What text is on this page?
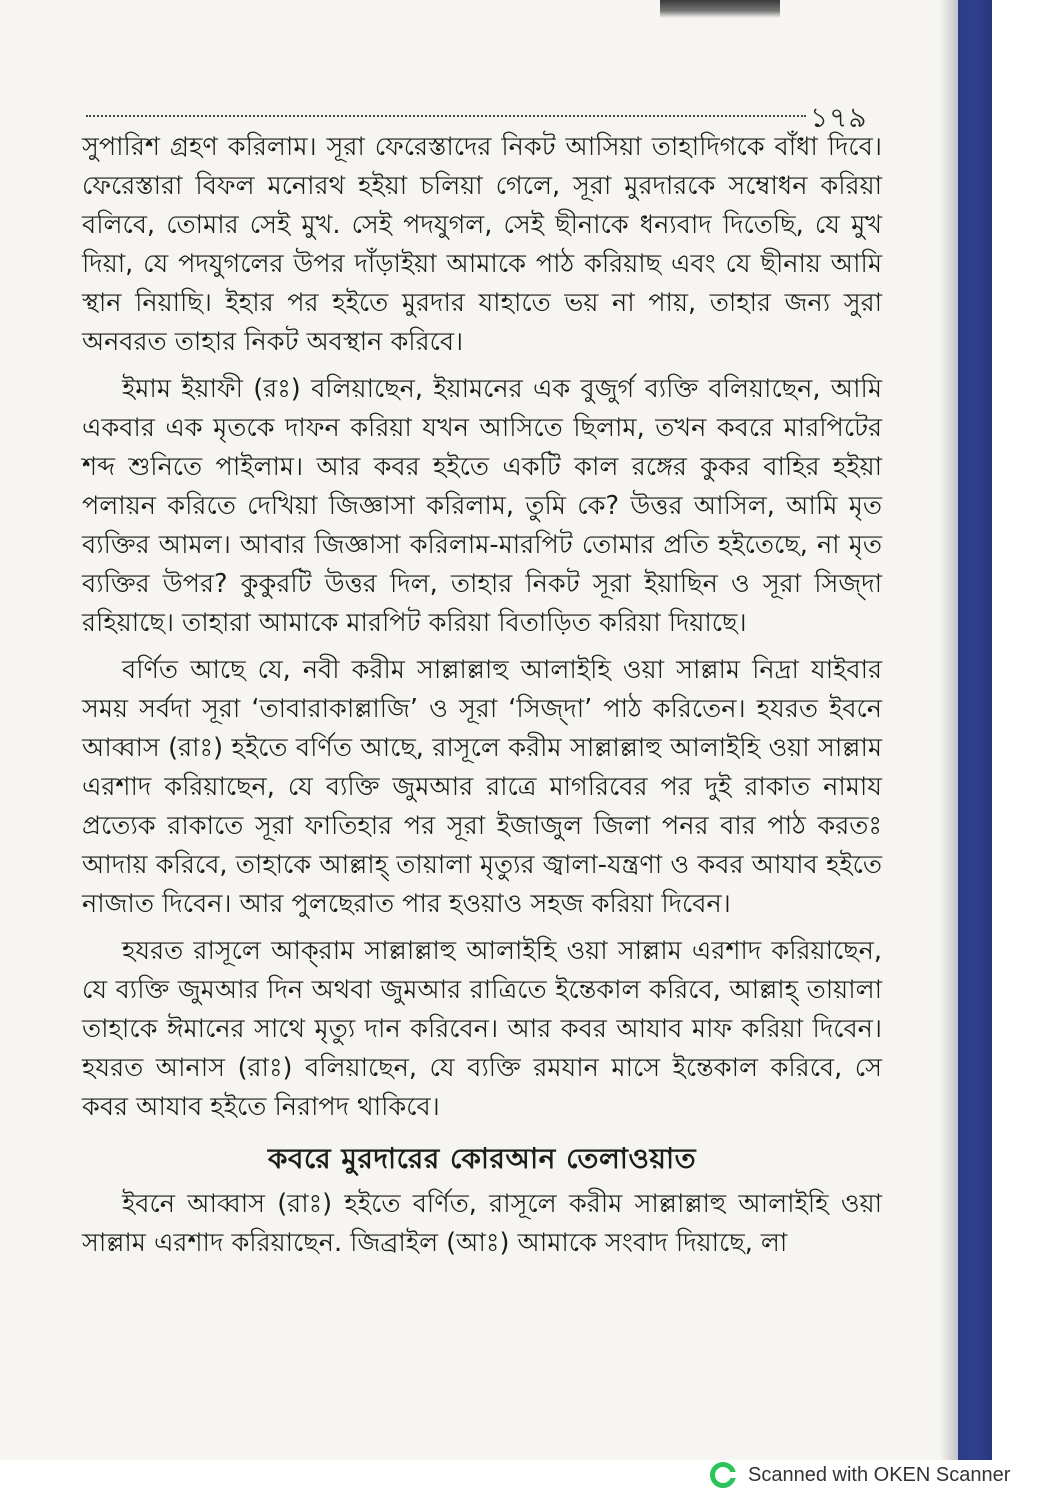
১৭৯

সুপারিশ গ্রহণ করিলাম। সূরা ফেরেস্তাদের নিকট আসিয়া তাহাদিগকে বাঁধা দিবে। ফেরেস্তারা বিফল মনোরথ হইয়া চলিয়া গেলে, সূরা মুরদারকে সম্বোধন করিয়া বলিবে, তোমার সেই মুখ. সেই পদযুগল, সেই ছীনাকে ধন্যবাদ দিতেছি, যে মুখ দিয়া, যে পদযুগলের উপর দাঁড়াইয়া আমাকে পাঠ করিয়াছ এবং যে ছীনায় আমি স্থান নিয়াছি। ইহার পর হইতে মুরদার যাহাতে ভয় না পায়, তাহার জন্য সুরা অনবরত তাহার নিকট অবস্থান করিবে।

ইমাম ইয়াফী (রঃ) বলিয়াছেন, ইয়ামনের এক বুজুর্গ ব্যক্তি বলিয়াছেন, আমি একবার এক মৃতকে দাফন করিয়া যখন আসিতে ছিলাম, তখন কবরে মারপিটের শব্দ শুনিতে পাইলাম। আর কবর হইতে একটি কাল রঙ্গের কুকর বাহির হইয়া পলায়ন করিতে দেখিয়া জিজ্ঞাসা করিলাম, তুমি কে? উত্তর আসিল, আমি মৃত ব্যক্তির আমল। আবার জিজ্ঞাসা করিলাম-মারপিট তোমার প্রতি হইতেছে, না মৃত ব্যক্তির উপর? কুকুরটি উত্তর দিল, তাহার নিকট সূরা ইয়াছিন ও সূরা সিজ্‌দা রহিয়াছে। তাহারা আমাকে মারপিট করিয়া বিতাড়িত করিয়া দিয়াছে।

বর্ণিত আছে যে, নবী করীম সাল্লাল্লাহু আলাইহি ওয়া সাল্লাম নিদ্রা যাইবার সময় সর্বদা সূরা ‘তাবারাকাল্লাজি’ ও সূরা ‘সিজ্‌দা’ পাঠ করিতেন। হযরত ইবনে আব্বাস (রাঃ) হইতে বর্ণিত আছে, রাসূলে করীম সাল্লাল্লাহু আলাইহি ওয়া সাল্লাম এরশাদ করিয়াছেন, যে ব্যক্তি জুমআর রাত্রে মাগরিবের পর দুই রাকাত নামায প্রত্যেক রাকাতে সূরা ফাতিহার পর সূরা ইজাজুল জিলা পনর বার পাঠ করতঃ আদায় করিবে, তাহাকে আল্লাহ্‌ তায়ালা মৃত্যুর জ্বালা-যন্ত্রণা ও কবর আযাব হইতে নাজাত দিবেন। আর পুলছেরাত পার হওয়াও সহজ করিয়া দিবেন।

হযরত রাসূলে আক্‌রাম সাল্লাল্লাহু আলাইহি ওয়া সাল্লাম এরশাদ করিয়াছেন, যে ব্যক্তি জুমআর দিন অথবা জুমআর রাত্রিতে ইন্তেকাল করিবে, আল্লাহ্‌ তায়ালা তাহাকে ঈমানের সাথে মৃত্যু দান করিবেন। আর কবর আযাব মাফ করিয়া দিবেন। হযরত আনাস (রাঃ) বলিয়াছেন, যে ব্যক্তি রমযান মাসে ইন্তেকাল করিবে, সে কবর আযাব হইতে নিরাপদ থাকিবে।

কবরে মুরদারের কোরআন তেলাওয়াত

ইবনে আব্বাস (রাঃ) হইতে বর্ণিত, রাসূলে করীম সাল্লাল্লাহু আলাইহি ওয়া সাল্লাম এরশাদ করিয়াছেন. জিব্রাইল (আঃ) আমাকে সংবাদ দিয়াছে, লা

Scanned with OKEN Scanner
